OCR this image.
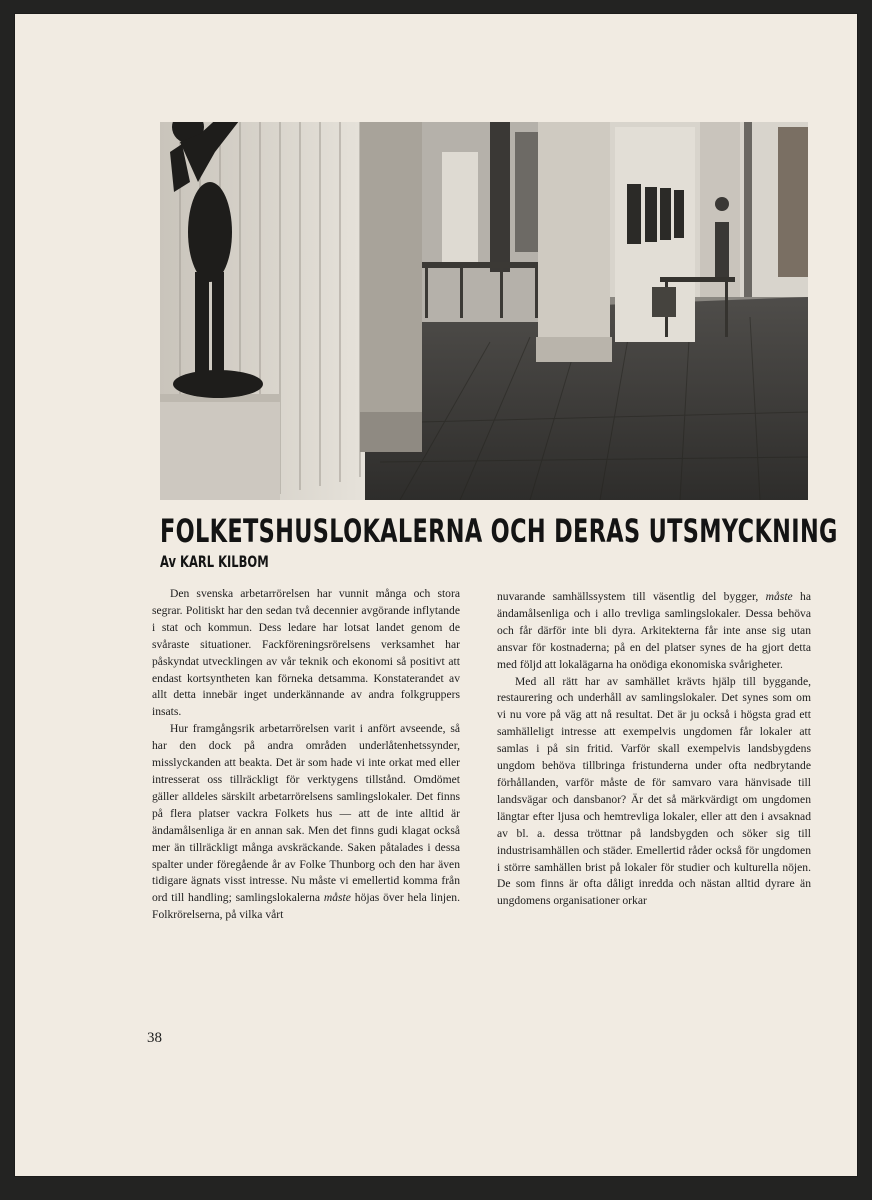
FOLKETSHUSLOKALERNA OCH DERAS UTSMYCKNING
Av KARL KILBOM

Den svenska arbetarrörelsen har vunnit många och stora segrar. Politiskt har den sedan två decennier avgörande inflytande i stat och kommun. Dess ledare har lotsat landet genom de svåraste situationer. Fackföreningsrörelsens verksamhet har påskyndat utvecklingen av vår teknik och ekonomi så positivt att endast kortsyntheten kan förneka detsamma. Konstaterandet av allt detta innebär inget underkännande av andra folkgruppers insats.

Hur framgångsrik arbetarrörelsen varit i anfört avseende, så har den dock på andra områden underlåtenhetssynder, misslyckanden att beakta. Det är som hade vi inte orkat med eller intresserat oss tillräckligt för verktygens tillstånd. Omdömet gäller alldeles särskilt arbetarrörelsens samlingslokaler. Det finns på flera platser vackra Folkets hus — att de inte alltid är ändamålsenliga är en annan sak. Men det finns gudi klagat också mer än tillräckligt många avskräckande. Saken påtalades i dessa spalter under föregående år av Folke Thunborg och den har även tidigare ägnats visst intresse. Nu måste vi emellertid komma från ord till handling; samlingslokalerna måste höjas över hela linjen. Folkrörelserna, på vilka vårt

nuvarande samhällssystem till väsentlig del bygger, måste ha ändamålsenliga och i allo trevliga samlingslokaler. Dessa behöva och får därför inte bli dyra. Arkitekterna får inte anse sig utan ansvar för kostnaderna; på en del platser synes de ha gjort detta med följd att lokalägarna ha onödiga ekonomiska svårigheter.

Med all rätt har av samhället krävts hjälp till byggande, restaurering och underhåll av samlingslokaler. Det synes som om vi nu vore på väg att nå resultat. Det är ju också i högsta grad ett samhälleligt intresse att exempelvis ungdomen får lokaler att samlas i på sin fritid. Varför skall exempelvis landsbygdens ungdom behöva tillbringa fristunderna under ofta nedbrytande förhållanden, varför måste de för samvaro vara hänvisade till landsvägar och dansbanor? Är det så märkvärdigt om ungdomen längtar efter ljusa och hemtrevliga lokaler, eller att den i avsaknad av bl. a. dessa tröttnar på landsbygden och söker sig till industrisamhällen och städer. Emellertid råder också för ungdomen i större samhällen brist på lokaler för studier och kulturella nöjen. De som finns är ofta dåligt inredda och nästan alltid dyrare än ungdomens organisationer orkar

38
